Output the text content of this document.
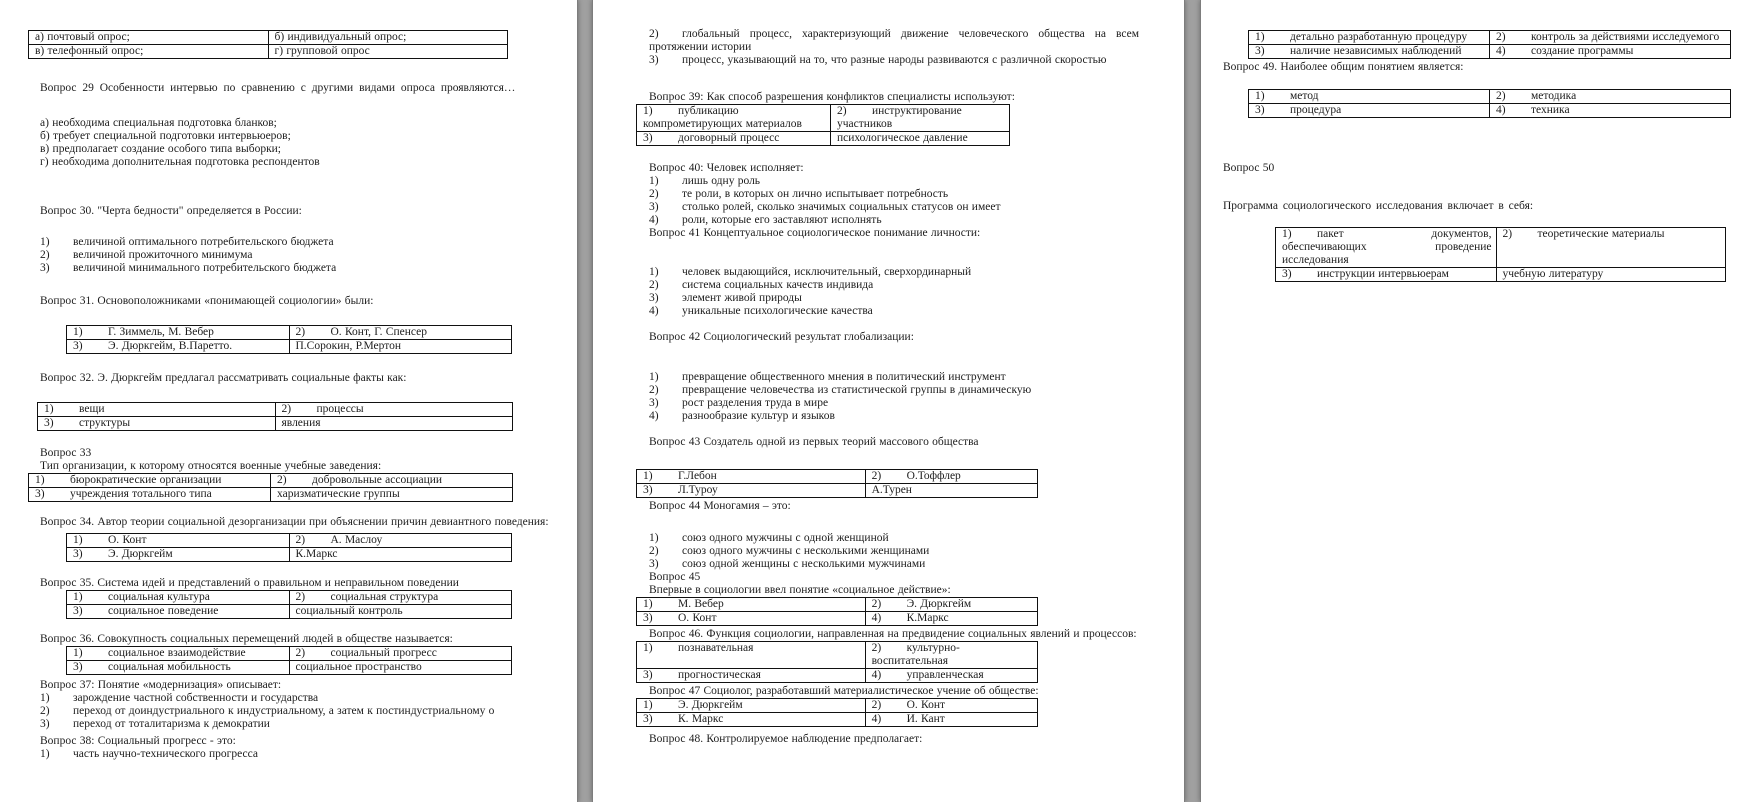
а) почтовый опрос;	б) индивидуальный опрос;
в) телефонный опрос;	г) групповой опрос
Вопрос 29 Особенности интервью по сравнению с другими видами опроса проявляются…
а) необходима специальная подготовка бланков;
б) требует специальной подготовки интервьюеров;
в) предполагает создание особого типа выборки;
г) необходима дополнительная подготовка респондентов
Вопрос 30. "Черта бедности" определяется в России:
1) величиной оптимального потребительского бюджета
2) величиной прожиточного минимума
3) величиной минимального потребительского бюджета
Вопрос 31. Основоположниками «понимающей социологии» были:
1) Г. Зиммель, М. Вебер	2) О. Конт, Г. Спенсер
3) Э. Дюркгейм, В.Паретто.	П.Сорокин, Р.Мертон
Вопрос 32. Э. Дюркгейм предлагал рассматривать социальные факты как:
1) вещи	2) процессы
3) структуры	явления
Вопрос 33
Тип организации, к которому относятся военные учебные заведения:
1) бюрократические организации	2) добровольные ассоциации
3) учреждения тотального типа	харизматические группы
Вопрос 34. Автор теории социальной дезорганизации при объяснении причин девиантного поведения:
1) О. Конт	2) А. Маслоу
3) Э. Дюркгейм	К.Маркс
Вопрос 35. Система идей и представлений о правильном и неправильном поведении
1) социальная культура	2) социальная структура
3) социальное поведение	социальный контроль
Вопрос 36. Совокупность социальных перемещений людей в обществе называется:
1) социальное взаимодействие	2) социальный прогресс
3) социальная мобильность	социальное пространство
Вопрос 37: Понятие «модернизация» описывает:
1) зарождение частной собственности и государства
2) переход от доиндустриального к индустриальному, а затем к постиндустриальному о
3) переход от тоталитаризма к демократии
Вопрос 38: Социальный прогресс - это:
1) часть научно-технического прогресса
2) глобальный процесс, характеризующий движение человеческого общества на всем протяжении истории
3) процесс, указывающий на то, что разные народы развиваются с различной скоростью
Вопрос 39: Как способ разрешения конфликтов специалисты используют:
1) публикацию компрометирующих материалов	2) инструктирование участников
3) договорный процесс	психологическое давление
Вопрос 40: Человек исполняет:
1) лишь одну роль
2) те роли, в которых он лично испытывает потребность
3) столько ролей, сколько значимых социальных статусов он имеет
4) роли, которые его заставляют исполнять
Вопрос 41 Концептуальное социологическое понимание личности:
1) человек выдающийся, исключительный, сверхординарный
2) система социальных качеств индивида
3) элемент живой природы
4) уникальные психологические качества
Вопрос 42 Социологический результат глобализации:
1) превращение общественного мнения в политический инструмент
2) превращение человечества из статистической группы в динамическую
3) рост разделения труда в мире
4) разнообразие культур и языков
Вопрос 43 Создатель одной из первых теорий массового общества
1) Г.Лебон	2) О.Тоффлер
3) Л.Туроу	А.Турен
Вопрос 44 Моногамия – это:
1) союз одного мужчины с одной женщиной
2) союз одного мужчины с несколькими женщинами
3) союз одной женщины с несколькими мужчинами
Вопрос 45
Впервые в социологии ввел понятие «социальное действие»:
1) М. Вебер	2) Э. Дюркгейм
3) О. Конт	4) К.Маркс
Вопрос 46. Функция социологии, направленная на предвидение социальных явлений и процессов:
1) познавательная	2) культурно-воспитательная
3) прогностическая	4) управленческая
Вопрос 47 Социолог, разработавший материалистическое учение об обществе:
1) Э. Дюркгейм	2) О. Конт
3) К. Маркс	4) И. Кант
Вопрос 48. Контролируемое наблюдение предполагает:
1) детально разработанную процедуру	2) контроль за действиями исследуемого
3) наличие независимых наблюдений	4) создание программы
Вопрос 49. Наиболее общим понятием является:
1) метод	2) методика
3) процедура	4) техника
Вопрос 50
Программа социологического исследования включает в себя:
1) пакет документов, обеспечивающих проведение исследования	2) теоретические материалы
3) инструкции интервьюерам	учебную литературу
